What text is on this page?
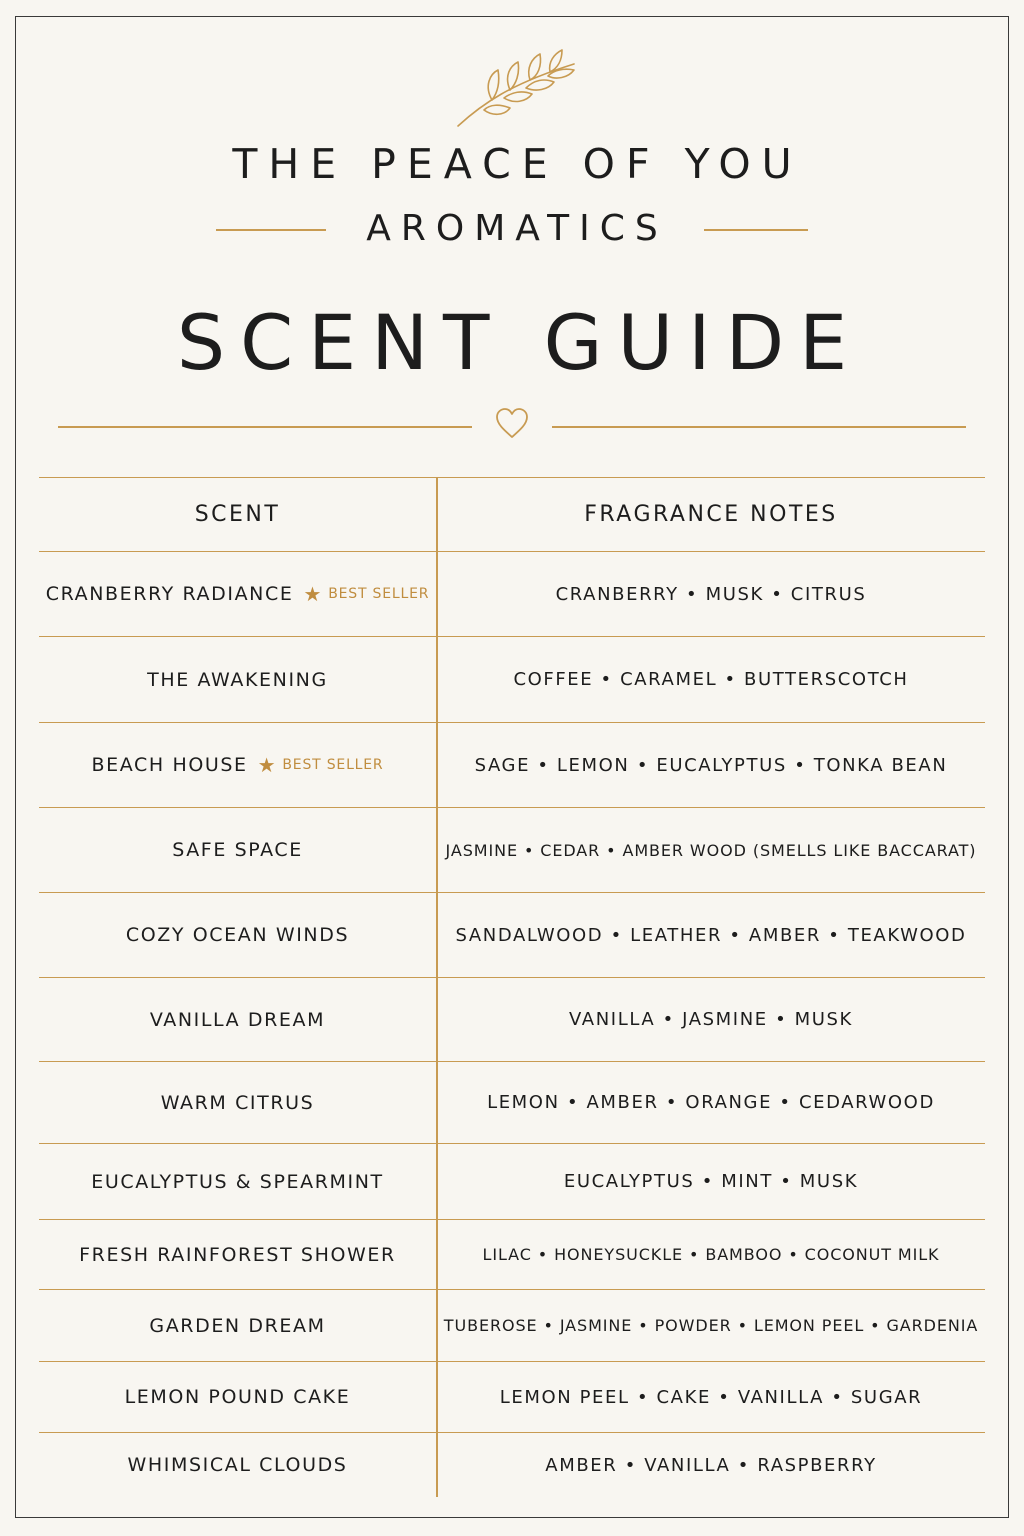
THE PEACE OF YOU
AROMATICS
SCENT GUIDE
SCENT	FRAGRANCE NOTES
CRANBERRY RADIANCE ★ BEST SELLER	CRANBERRY • MUSK • CITRUS
THE AWAKENING	COFFEE • CARAMEL • BUTTERSCOTCH
BEACH HOUSE ★ BEST SELLER	SAGE • LEMON • EUCALYPTUS • TONKA BEAN
SAFE SPACE	JASMINE • CEDAR • AMBER WOOD (SMELLS LIKE BACCARAT)
COZY OCEAN WINDS	SANDALWOOD • LEATHER • AMBER • TEAKWOOD
VANILLA DREAM	VANILLA • JASMINE • MUSK
WARM CITRUS	LEMON • AMBER • ORANGE • CEDARWOOD
EUCALYPTUS & SPEARMINT	EUCALYPTUS • MINT • MUSK
FRESH RAINFOREST SHOWER	LILAC • HONEYSUCKLE • BAMBOO • COCONUT MILK
GARDEN DREAM	TUBEROSE • JASMINE • POWDER • LEMON PEEL • GARDENIA
LEMON POUND CAKE	LEMON PEEL • CAKE • VANILLA • SUGAR
WHIMSICAL CLOUDS	AMBER • VANILLA • RASPBERRY
